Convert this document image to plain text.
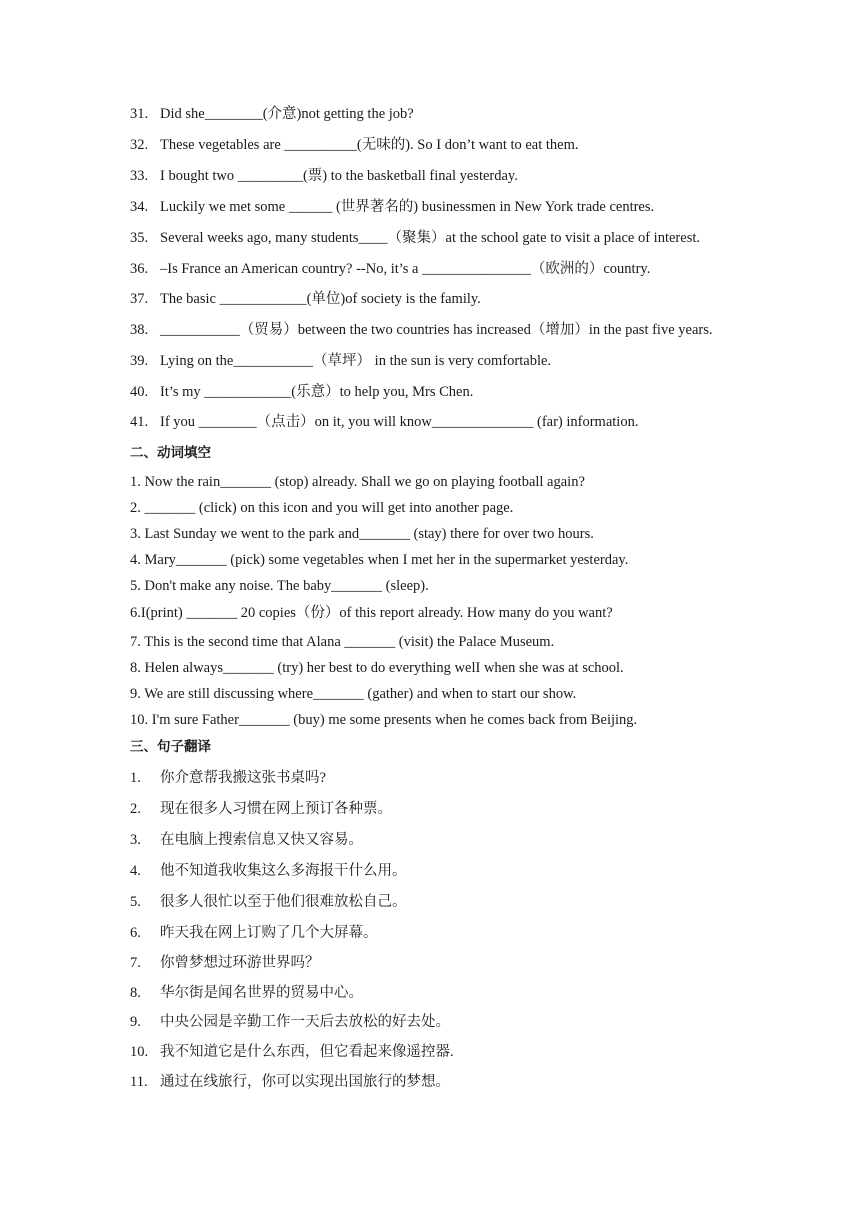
31. Did she________(介意)not getting the job?
32. These vegetables are __________(无味的). So I don’t want to eat them.
33. I bought two _________(票) to the basketball final yesterday.
34. Luckily we met some ______ (世界著名的) businessmen in New York trade centres.
35. Several weeks ago, many students____（聚集）at the school gate to visit a place of interest.
36. –Is France an American country? --No, it’s a _______________（欧洲的）country.
37. The basic ____________(单位)of society is the family.
38. ___________（贸易）between the two countries has increased（增加）in the past five years.
39. Lying on the___________（草坪） in the sun is very comfortable.
40. It’s my ____________(乐意）to help you, Mrs Chen.
41. If you ________（点击）on it, you will know______________ (far) information.
二、动词填空
1. Now the rain_______ (stop) already. Shall we go on playing football again?
2. _______ (click) on this icon and you will get into another page.
3. Last Sunday we went to the park and_______ (stay) there for over two hours.
4. Mary_______ (pick) some vegetables when I met her in the supermarket yesterday.
5. Don't make any noise. The baby_______ (sleep).
6.I(print) _______ 20 copies（份）of this report already. How many do you want?
7. This is the second time that Alana _______ (visit) the Palace Museum.
8. Helen always_______ (try) her best to do everything welI when she was at school.
9. We are still discussing where_______ (gather) and when to start our show.
10. I'm sure Father_______ (buy) me some presents when he comes back from Beijing.
三、句子翻译
1. 你介意帮我搬这张书桌吗?
2. 现在很多人习惯在网上预订各种票。
3. 在电脑上搜索信息又快又容易。
4. 他不知道我收集这么多海报干什么用。
5. 很多人很忙以至于他们很难放松自己。
6. 昨天我在网上订购了几个大屏幕。
7. 你曾梦想过环游世界吗？
8. 华尔街是闻名世界的贸易中心。
9. 中央公园是辛勤工作一天后去放松的好去处。
10. 我不知道它是什么东西，但它看起来像遥控器.
11. 通过在线旅行，你可以实现出国旅行的梦想。
